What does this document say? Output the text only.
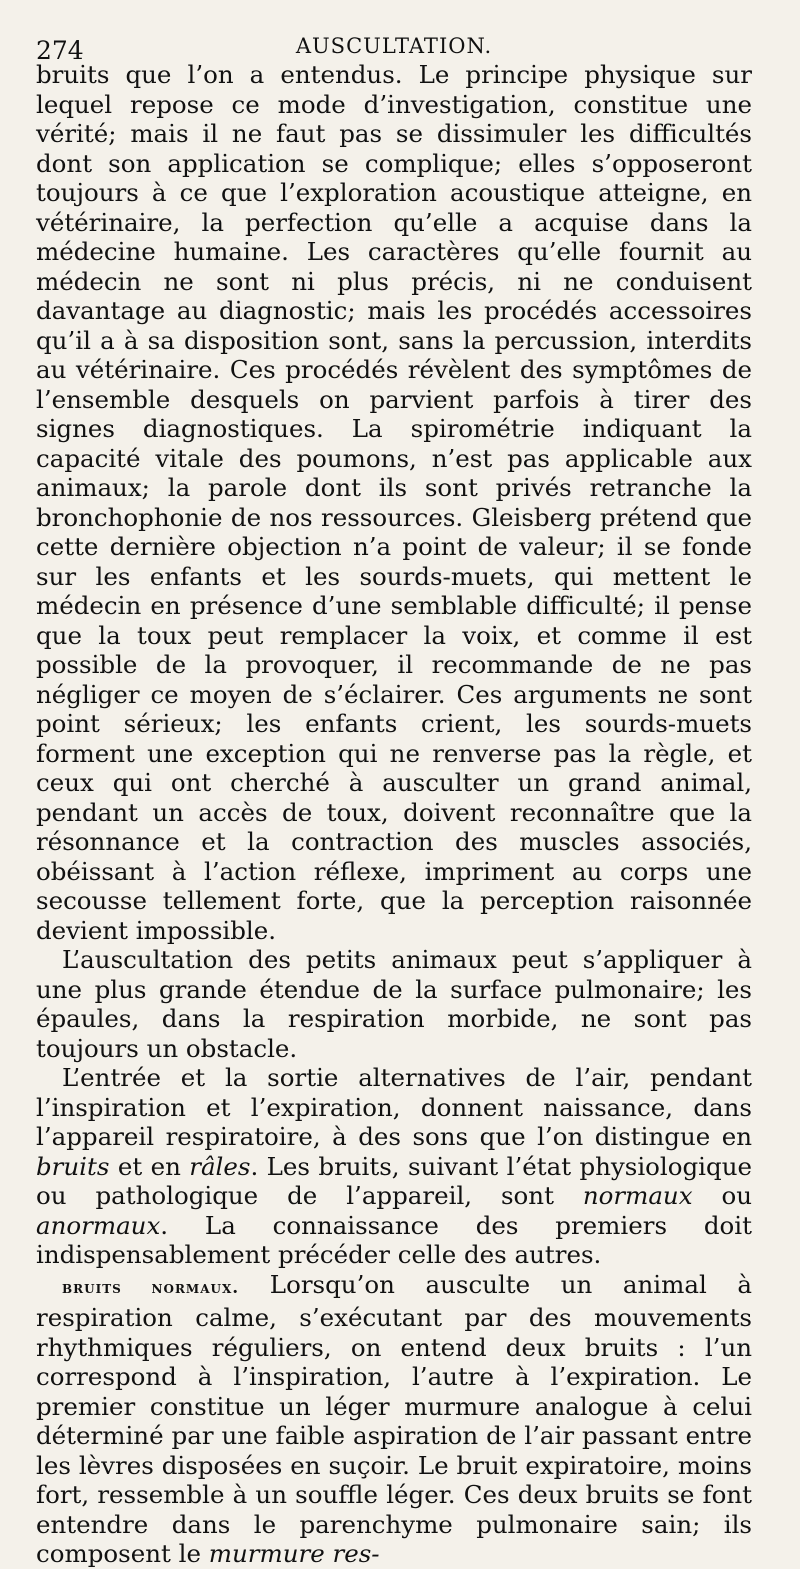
274	AUSCULTATION.

bruits que l’on a entendus. Le principe physique sur lequel repose ce mode d’investigation, constitue une vérité; mais il ne faut pas se dissimuler les difficultés dont son application se complique; elles s’opposeront toujours à ce que l’exploration acoustique atteigne, en vétérinaire, la perfection qu’elle a acquise dans la médecine humaine. Les caractères qu’elle fournit au médecin ne sont ni plus précis, ni ne conduisent davantage au diagnostic; mais les procédés accessoires qu’il a à sa disposition sont, sans la percussion, interdits au vétérinaire. Ces procédés révèlent des symptômes de l’ensemble desquels on parvient parfois à tirer des signes diagnostiques. La spirométrie indiquant la capacité vitale des poumons, n’est pas applicable aux animaux; la parole dont ils sont privés retranche la bronchophonie de nos ressources. Gleisberg prétend que cette dernière objection n’a point de valeur; il se fonde sur les enfants et les sourds-muets, qui mettent le médecin en présence d’une semblable difficulté; il pense que la toux peut remplacer la voix, et comme il est possible de la provoquer, il recommande de ne pas négliger ce moyen de s’éclairer. Ces arguments ne sont point sérieux; les enfants crient, les sourds-muets forment une exception qui ne renverse pas la règle, et ceux qui ont cherché à ausculter un grand animal, pendant un accès de toux, doivent reconnaître que la résonnance et la contraction des muscles associés, obéissant à l’action réflexe, impriment au corps une secousse tellement forte, que la perception raisonnée devient impossible.

L’auscultation des petits animaux peut s’appliquer à une plus grande étendue de la surface pulmonaire; les épaules, dans la respiration morbide, ne sont pas toujours un obstacle.

L’entrée et la sortie alternatives de l’air, pendant l’inspiration et l’expiration, donnent naissance, dans l’appareil respiratoire, à des sons que l’on distingue en bruits et en râles. Les bruits, suivant l’état physiologique ou pathologique de l’appareil, sont normaux ou anormaux. La connaissance des premiers doit indispensablement précéder celle des autres.

bruits normaux. Lorsqu’on ausculte un animal à respiration calme, s’exécutant par des mouvements rhythmiques réguliers, on entend deux bruits : l’un correspond à l’inspiration, l’autre à l’expiration. Le premier constitue un léger murmure analogue à celui déterminé par une faible aspiration de l’air passant entre les lèvres disposées en suçoir. Le bruit expiratoire, moins fort, ressemble à un souffle léger. Ces deux bruits se font entendre dans le parenchyme pulmonaire sain; ils composent le murmure res-
